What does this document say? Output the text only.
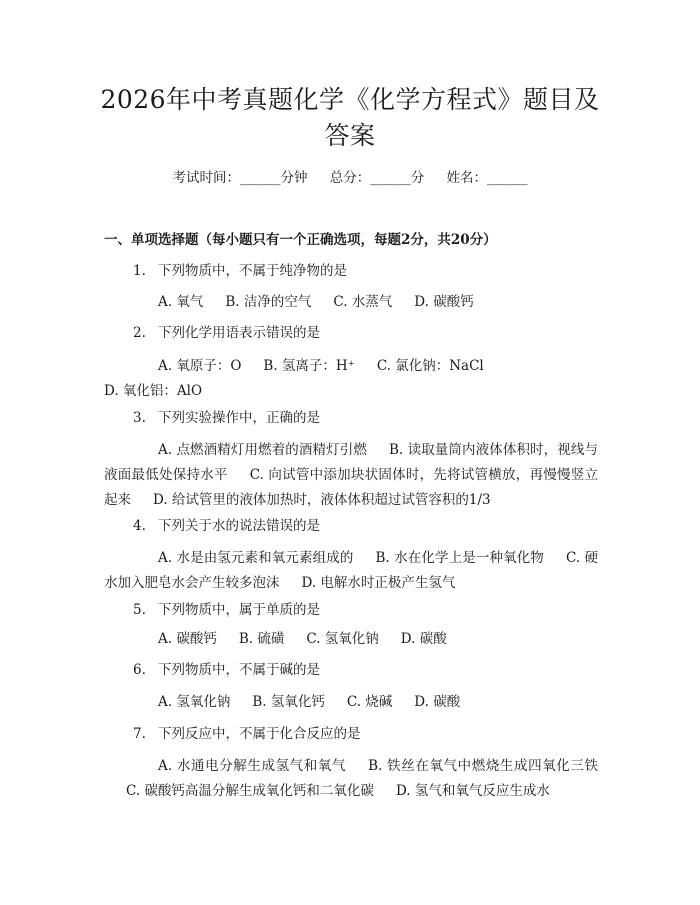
2026年中考真题化学《化学方程式》题目及
答案
考试时间：______分钟 总分：______分 姓名：______
一、单项选择题（每小题只有一个正确选项，每题2分，共20分）
1. 下列物质中，不属于纯净物的是
A. 氧气 B. 洁净的空气 C. 水蒸气 D. 碳酸钙
2. 下列化学用语表示错误的是
A. 氧原子：O B. 氢离子：H⁺ C. 氯化钠：NaClD. 氧化铝：AlO
3. 下列实验操作中，正确的是
A. 点燃酒精灯用燃着的酒精灯引燃 B. 读取量筒内液体体积时，视线与液面最低处保持水平 C. 向试管中添加块状固体时，先将试管横放，再慢慢竖立起来 D. 给试管里的液体加热时，液体体积超过试管容积的1/3
4. 下列关于水的说法错误的是
A. 水是由氢元素和氧元素组成的 B. 水在化学上是一种氧化物 C. 硬水加入肥皂水会产生较多泡沫 D. 电解水时正极产生氢气
5. 下列物质中，属于单质的是
A. 碳酸钙 B. 硫磺 C. 氢氧化钠 D. 碳酸
6. 下列物质中，不属于碱的是
A. 氢氧化钠 B. 氢氧化钙 C. 烧碱 D. 碳酸
7. 下列反应中，不属于化合反应的是
A. 水通电分解生成氢气和氧气 B. 铁丝在氧气中燃烧生成四氧化三铁C. 碳酸钙高温分解生成氧化钙和二氧化碳 D. 氢气和氧气反应生成水
